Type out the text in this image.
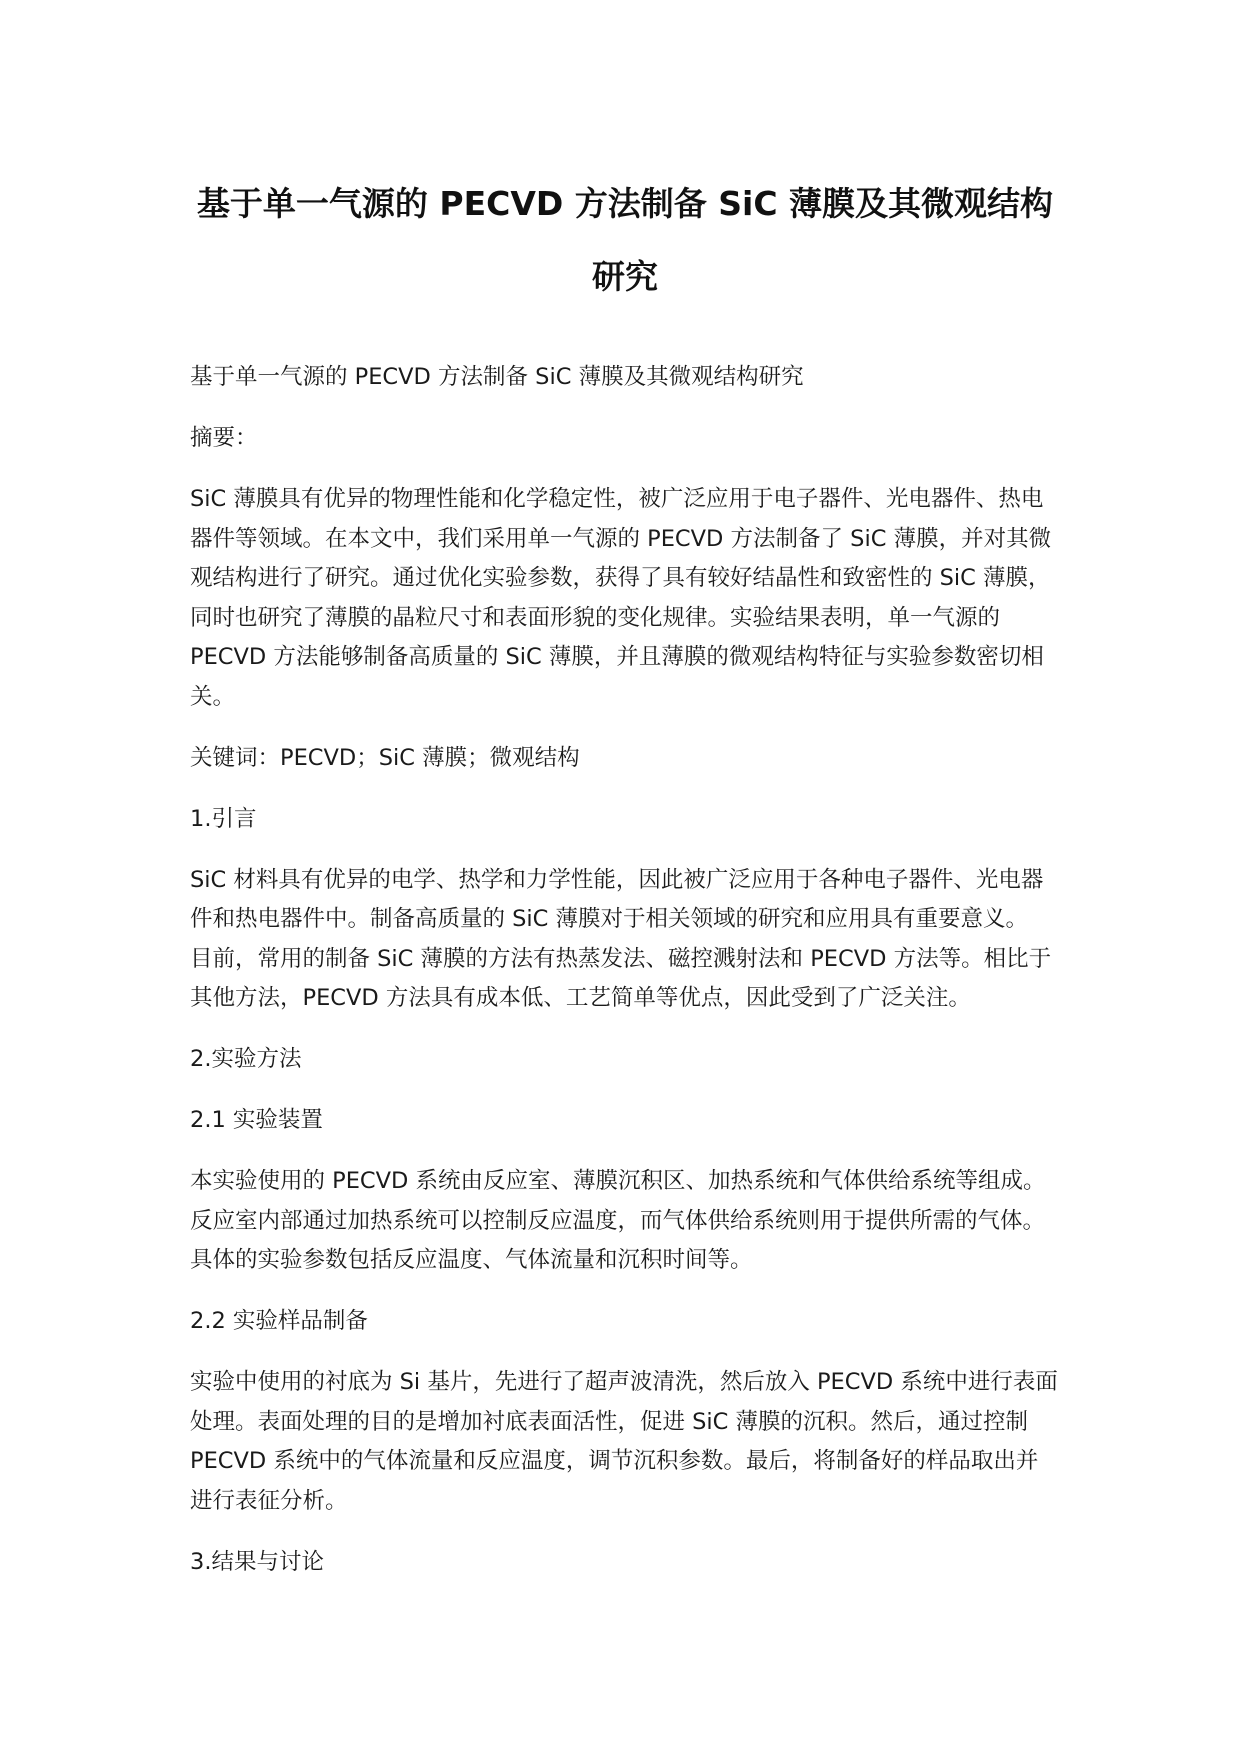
基于单一气源的 PECVD 方法制备 SiC 薄膜及其微观结构
研究

基于单一气源的 PECVD 方法制备 SiC 薄膜及其微观结构研究

摘要：

SiC 薄膜具有优异的物理性能和化学稳定性，被广泛应用于电子器件、光电器件、热电
器件等领域。在本文中，我们采用单一气源的 PECVD 方法制备了 SiC 薄膜，并对其微
观结构进行了研究。通过优化实验参数，获得了具有较好结晶性和致密性的 SiC 薄膜，
同时也研究了薄膜的晶粒尺寸和表面形貌的变化规律。实验结果表明，单一气源的
PECVD 方法能够制备高质量的 SiC 薄膜，并且薄膜的微观结构特征与实验参数密切相
关。

关键词：PECVD；SiC 薄膜；微观结构

1.引言

SiC 材料具有优异的电学、热学和力学性能，因此被广泛应用于各种电子器件、光电器
件和热电器件中。制备高质量的 SiC 薄膜对于相关领域的研究和应用具有重要意义。
目前，常用的制备 SiC 薄膜的方法有热蒸发法、磁控溅射法和 PECVD 方法等。相比于
其他方法，PECVD 方法具有成本低、工艺简单等优点，因此受到了广泛关注。

2.实验方法

2.1 实验装置

本实验使用的 PECVD 系统由反应室、薄膜沉积区、加热系统和气体供给系统等组成。
反应室内部通过加热系统可以控制反应温度，而气体供给系统则用于提供所需的气体。
具体的实验参数包括反应温度、气体流量和沉积时间等。

2.2 实验样品制备

实验中使用的衬底为 Si 基片，先进行了超声波清洗，然后放入 PECVD 系统中进行表面
处理。表面处理的目的是增加衬底表面活性，促进 SiC 薄膜的沉积。然后，通过控制
PECVD 系统中的气体流量和反应温度，调节沉积参数。最后，将制备好的样品取出并
进行表征分析。

3.结果与讨论
